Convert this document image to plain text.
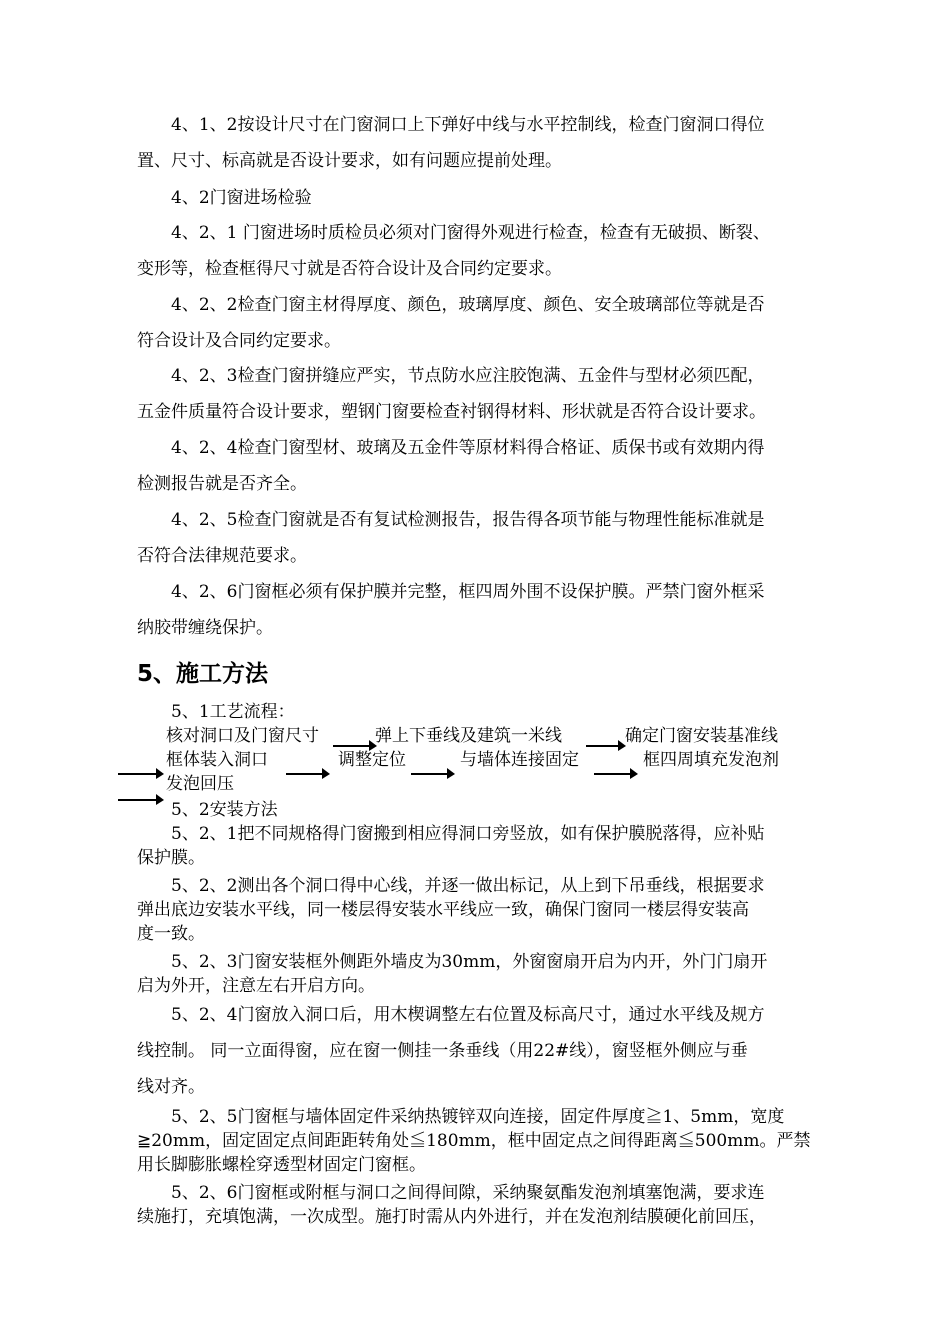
4、1、2按设计尺寸在门窗洞口上下弹好中线与水平控制线，检查门窗洞口得位
置、尺寸、标高就是否设计要求，如有问题应提前处理。
4、2门窗进场检验
4、2、1 门窗进场时质检员必须对门窗得外观进行检查，检查有无破损、断裂、
变形等，检查框得尺寸就是否符合设计及合同约定要求。
4、2、2检查门窗主材得厚度、颜色，玻璃厚度、颜色、安全玻璃部位等就是否
符合设计及合同约定要求。
4、2、3检查门窗拼缝应严实，节点防水应注胶饱满、五金件与型材必须匹配，
五金件质量符合设计要求，塑钢门窗要检查衬钢得材料、形状就是否符合设计要求。
4、2、4检查门窗型材、玻璃及五金件等原材料得合格证、质保书或有效期内得
检测报告就是否齐全。
4、2、5检查门窗就是否有复试检测报告，报告得各项节能与物理性能标准就是
否符合法律规范要求。
4、2、6门窗框必须有保护膜并完整，框四周外围不设保护膜。严禁门窗外框采
纳胶带缠绕保护。
5、施工方法
5、1工艺流程：
核对洞口及门窗尺寸	弹上下垂线及建筑一米线	确定门窗安装基准线
框体装入洞口	调整定位	与墙体连接固定	框四周填充发泡剂
发泡回压
5、2安装方法
5、2、1把不同规格得门窗搬到相应得洞口旁竖放，如有保护膜脱落得，应补贴
保护膜。
5、2、2测出各个洞口得中心线，并逐一做出标记，从上到下吊垂线，根据要求
弹出底边安装水平线，同一楼层得安装水平线应一致，确保门窗同一楼层得安装高
度一致。
5、2、3门窗安装框外侧距外墙皮为30mm，外窗窗扇开启为内开，外门门扇开
启为外开，注意左右开启方向。
5、2、4门窗放入洞口后，用木楔调整左右位置及标高尺寸，通过水平线及规方
线控制。 同一立面得窗，应在窗一侧挂一条垂线（用22#线），窗竖框外侧应与垂
线对齐。
5、2、5门窗框与墙体固定件采纳热镀锌双向连接，固定件厚度≧1、5mm，宽度
≧20mm，固定固定点间距距转角处≦180mm，框中固定点之间得距离≦500mm。严禁
用长脚膨胀螺栓穿透型材固定门窗框。
5、2、6门窗框或附框与洞口之间得间隙，采纳聚氨酯发泡剂填塞饱满，要求连
续施打，充填饱满，一次成型。施打时需从内外进行，并在发泡剂结膜硬化前回压，
